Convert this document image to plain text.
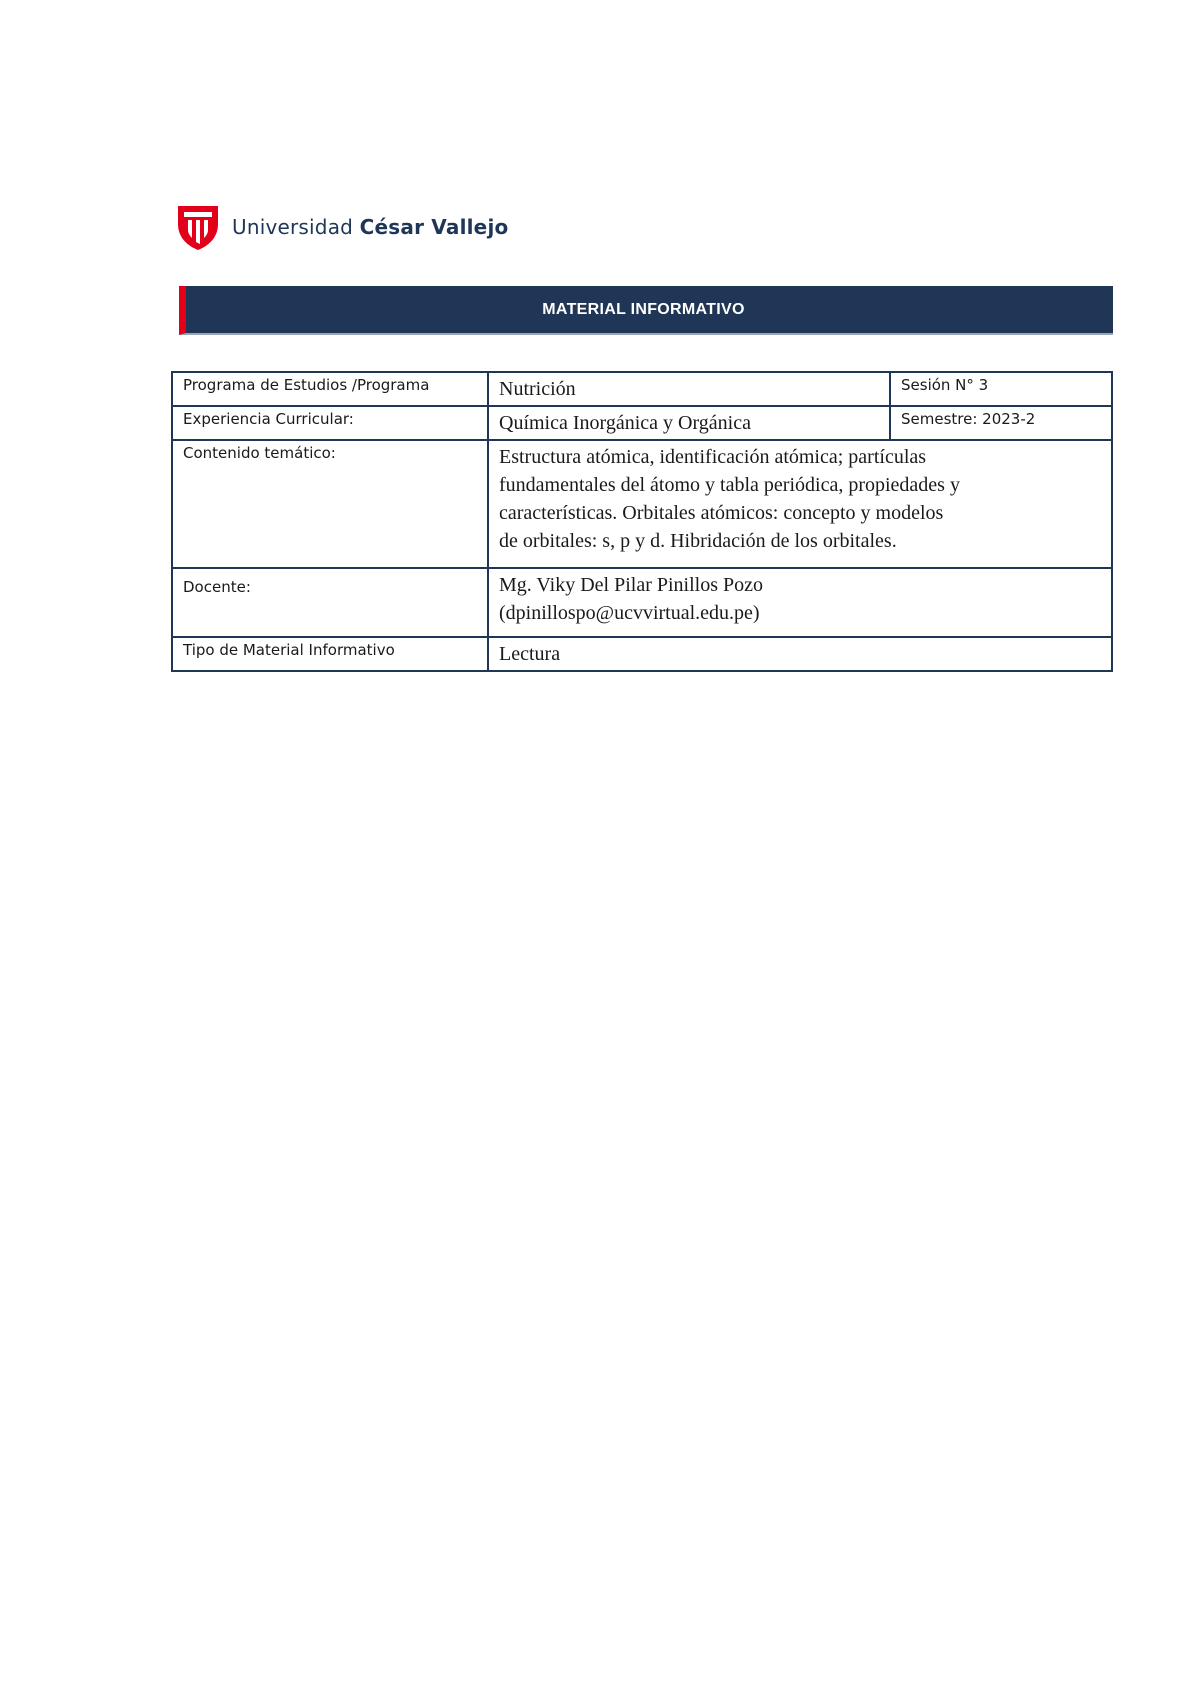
Universidad César Vallejo
MATERIAL INFORMATIVO
Programa de Estudios /Programa	Nutrición	Sesión N° 3
Experiencia Curricular:	Química Inorgánica y Orgánica	Semestre: 2023-2
Contenido temático:	Estructura atómica, identificación atómica; partículas
fundamentales del átomo y tabla periódica, propiedades y
características. Orbitales atómicos: concepto y modelos
de orbitales: s, p y d. Hibridación de los orbitales.	

Docente:	Mg. Viky Del Pilar Pinillos Pozo
(dpinillospo@ucvvirtual.edu.pe)	

Tipo de Material Informativo	Lectura	
